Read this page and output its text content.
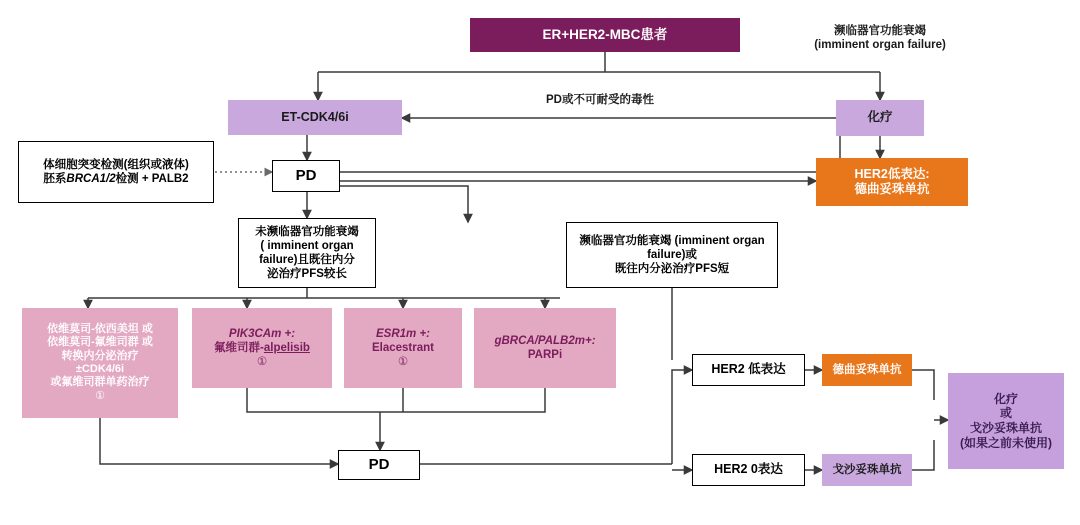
ER+HER2-MBC患者	濒临器官功能衰竭
(imminent organ failure)
ET-CDK4/6i	化疗
PD或不可耐受的毒性
PD
体细胞突变检测(组织或液体)
胚系BRCA1/2检测 + PALB2	HER2低表达:
德曲妥珠单抗
未濒临器官功能衰竭
( imminent organ
failure)且既往内分
泌治疗PFS较长
濒临器官功能衰竭 (imminent organ
failure)或
既往内分泌治疗PFS短
依维莫司-依西美坦 或
依维莫司-氟维司群 或
转换内分泌治疗
±CDK4/6i
或氟维司群单药治疗
①
PIK3CAm +:
氟维司群-alpelisib
①
ESR1m +:
Elacestrant
①
gBRCA/PALB2m+:
PARPi
PD
HER2 低表达
HER2 0表达
德曲妥珠单抗
戈沙妥珠单抗
化疗
或
戈沙妥珠单抗
(如果之前未使用)
